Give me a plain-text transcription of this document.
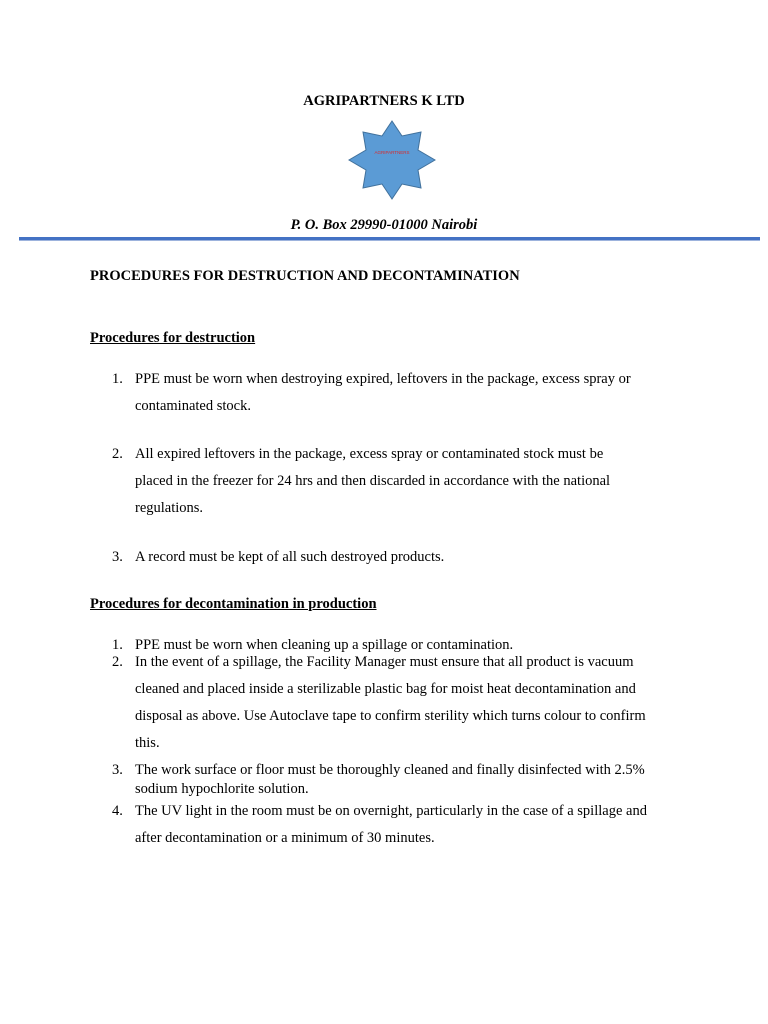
AGRIPARTNERS K LTD
AGRIPARTNERS
P. O. Box 29990-01000 Nairobi
PROCEDURES FOR DESTRUCTION AND DECONTAMINATION
Procedures for destruction
1. PPE must be worn when destroying expired, leftovers in the package, excess spray or contaminated stock.
2. All expired leftovers in the package, excess spray or contaminated stock must be placed in the freezer for 24 hrs and then discarded in accordance with the national regulations.
3. A record must be kept of all such destroyed products.
Procedures for decontamination in production
1. PPE must be worn when cleaning up a spillage or contamination.
2. In the event of a spillage, the Facility Manager must ensure that all product is vacuum cleaned and placed inside a sterilizable plastic bag for moist heat decontamination and disposal as above. Use Autoclave tape to confirm sterility which turns colour to confirm this.
3. The work surface or floor must be thoroughly cleaned and finally disinfected with 2.5% sodium hypochlorite solution.
4. The UV light in the room must be on overnight, particularly in the case of a spillage and after decontamination or a minimum of 30 minutes.
